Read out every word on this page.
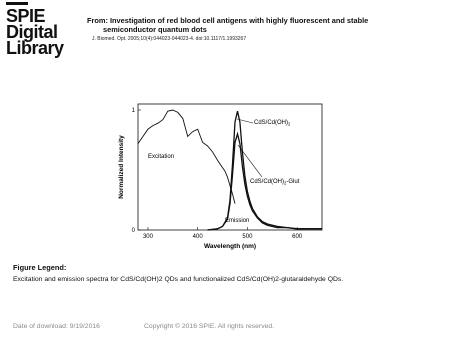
SPIE
Digital
Library
From: Investigation of red blood cell antigens with highly fluorescent and stable
semiconductor quantum dots
J. Biomed. Opt. 2005;10(4):044023-044023-4. doi:10.1117/1.1993267
Normalized Intensity
Wavelength (nm)
300	400	500	600
0
1
Excitation
Emission
CdS/$Cd(OH)_2$
CdS/$Cd(OH)_2$-Glut
Figure Legend:
Excitation and emission spectra for CdS/Cd(OH)2 QDs and functionalized CdS/Cd(OH)2-glutaraldehyde QDs.
Date of download: 9/19/2016	Copyright © 2016 SPIE. All rights reserved.
